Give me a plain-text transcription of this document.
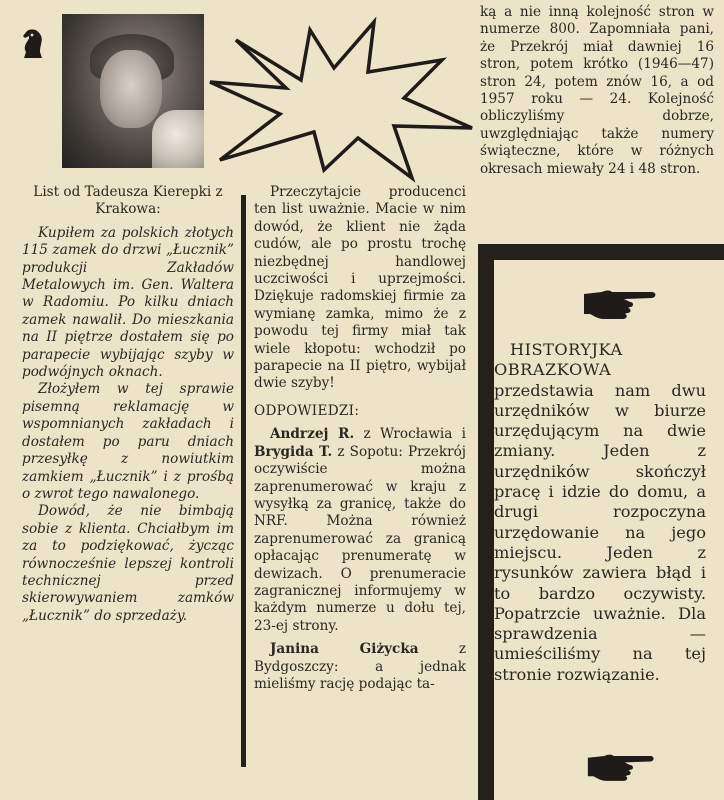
List od Tadeusza Kierepki z Krakowa:

Kupiłem za polskich złotych 115 zamek do drzwi „Łucznik” produkcji Zakładów Metalowych im. Gen. Waltera w Radomiu. Po kilku dniach zamek nawalił. Do mieszkania na II piętrze dostałem się po parapecie wybijając szyby w podwójnych oknach.

Złożyłem w tej sprawie pisemną reklamację w wspomnianych zakładach i dostałem po paru dniach przesyłkę z nowiutkim zamkiem „Łucznik” i z prośbą o zwrot tego nawalonego.

Dowód, że nie bimbają sobie z klienta. Chciałbym im za to podziękować, życząc równocześnie lepszej kontroli technicznej przed skierowywaniem zamków „Łucznik” do sprzedaży.

Przeczytajcie producenci ten list uważnie. Macie w nim dowód, że klient nie żąda cudów, ale po prostu trochę niezbędnej handlowej uczciwości i uprzejmości. Dziękuje radomskiej firmie za wymianę zamka, mimo że z powodu tej firmy miał tak wiele kłopotu: wchodził po parapecie na II piętro, wybijał dwie szyby!

ODPOWIEDZI:

Andrzej R. z Wrocławia i Brygida T. z Sopotu: Przekrój oczywiście można zaprenumerować w kraju z wysyłką za granicę, także do NRF. Można również zaprenumerować za granicą opłacając prenumeratę w dewizach. O prenumeracie zagranicznej informujemy w każdym numerze u dołu tej, 23-ej strony.

Janina Giżycka z Bydgoszczy: a jednak mieliśmy rację podając ta-

ką a nie inną kolejność stron w numerze 800. Zapomniała pani, że Przekrój miał dawniej 16 stron, potem krótko (1946—47) stron 24, potem znów 16, a od 1957 roku — 24. Kolejność obliczyliśmy dobrze, uwzględniając także numery świąteczne, które w różnych okresach miewały 24 i 48 stron.

HISTORYJKA OBRAZKOWA przedstawia nam dwu urzędników w biurze urzędującym na dwie zmiany. Jeden z urzędników skończył pracę i idzie do domu, a drugi rozpoczyna urzędowanie na jego miejscu. Jeden z rysunków zawiera błąd i to bardzo oczywisty. Popatrzcie uważnie. Dla sprawdzenia — umieściliśmy na tej stronie rozwiązanie.
